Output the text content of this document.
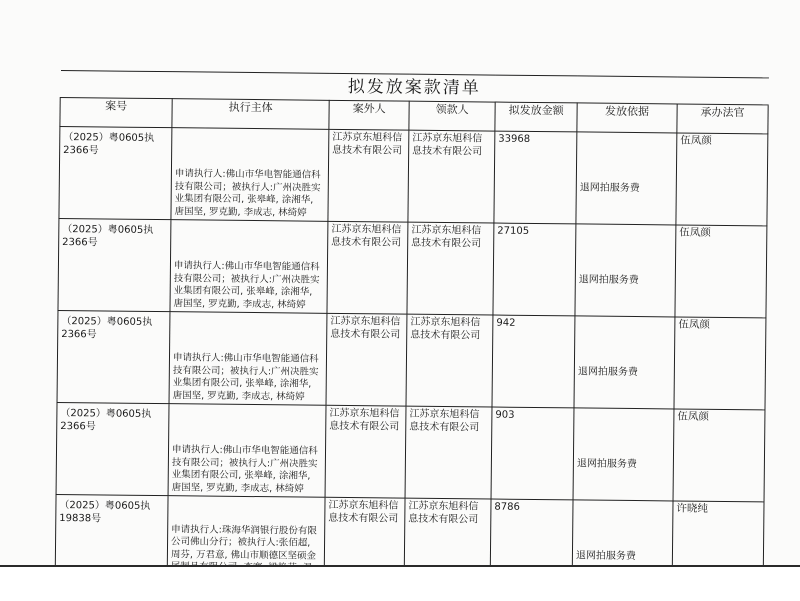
拟发放案款清单						
案号	执行主体	案外人	领款人	拟发放金额	发放依据	承办法官
（2025）粤0605执2366号	申请执行人:佛山市华电智能通信科技有限公司；被执行人:广州决胜实业集团有限公司, 张皋峰, 涂湘华, 唐国坚, 罗克勤, 李成志, 林绮婷	江苏京东旭科信息技术有限公司	江苏京东旭科信息技术有限公司	33968	退网拍服务费	伍凤颜
（2025）粤0605执2366号	申请执行人:佛山市华电智能通信科技有限公司；被执行人:广州决胜实业集团有限公司, 张皋峰, 涂湘华, 唐国坚, 罗克勤, 李成志, 林绮婷	江苏京东旭科信息技术有限公司	江苏京东旭科信息技术有限公司	27105	退网拍服务费	伍凤颜
（2025）粤0605执2366号	申请执行人:佛山市华电智能通信科技有限公司；被执行人:广州决胜实业集团有限公司, 张皋峰, 涂湘华, 唐国坚, 罗克勤, 李成志, 林绮婷	江苏京东旭科信息技术有限公司	江苏京东旭科信息技术有限公司	942	退网拍服务费	伍凤颜
（2025）粤0605执2366号	申请执行人:佛山市华电智能通信科技有限公司；被执行人:广州决胜实业集团有限公司, 张皋峰, 涂湘华, 唐国坚, 罗克勤, 李成志, 林绮婷	江苏京东旭科信息技术有限公司	江苏京东旭科信息技术有限公司	903	退网拍服务费	伍凤颜
（2025）粤0605执19838号	申请执行人:珠海华润银行股份有限公司佛山分行；被执行人:张佰超, 周芬, 万君意, 佛山市顺德区坚硕金属制品有限公司,	江苏京东旭科信息技术有限公司	江苏京东旭科信息技术有限公司	8786	退网拍服务费	许晓纯
